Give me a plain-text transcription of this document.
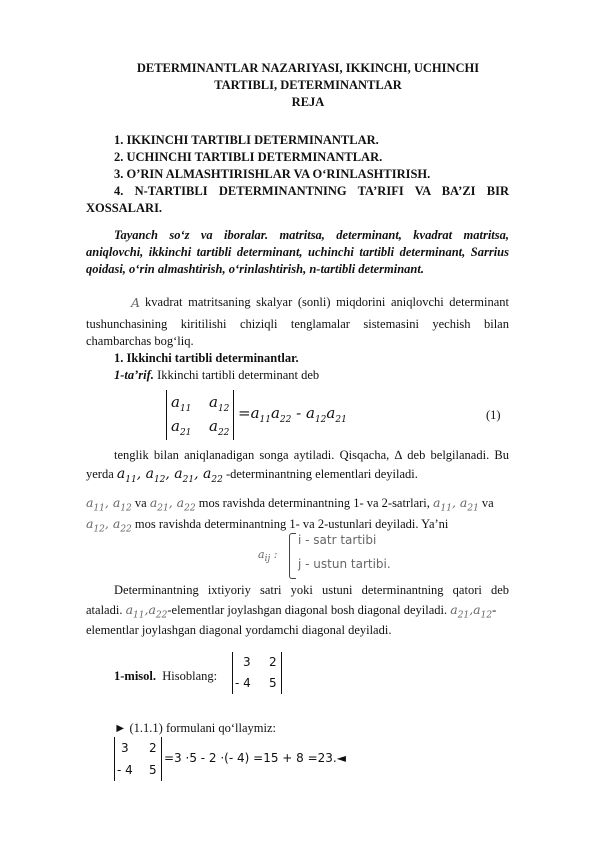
DETERMINANTLAR NAZARIYASI, IKKINCHI, UCHINCHI
TARTIBLI, DETERMINANTLAR
REJA
1. IKKINCHI TARTIBLI DETERMINANTLAR.
2. UCHINCHI TARTIBLI DETERMINANTLAR.
3. O’RIN ALMASHTIRISHLAR VA O‘RINLASHTIRISH.
4. N-TARTIBLI DETERMINANTNING TA’RIFI VA BA’ZI BIR
XOSSALARI.
Tayanch so‘z va iboralar. matritsa, determinant, kvadrat matritsa,
aniqlovchi, ikkinchi tartibli determinant, uchinchi tartibli determinant, Sarrius
qoidasi, o‘rin almashtirish, o‘rinlashtirish, n-tartibli determinant.
A kvadrat matritsaning skalyar (sonli) miqdorini aniqlovchi determinant
tushunchasining kiritilishi chiziqli tenglamalar sistemasini yechish bilan
chambarchas bog‘liq.
1. Ikkinchi tartibli determinantlar.
1-ta’rif. Ikkinchi tartibli determinant deb
$a_{11}$ $a_{12}$
$a_{21}$ $a_{22}$
$=a_{11}a_{22} - a_{12}a_{21}$	(1)
tenglik bilan aniqlanadigan songa aytiladi. Qisqacha, ∆ deb belgilanadi. Bu
yerda $a_{11}$, $a_{12}$, $a_{21}$, $a_{22}$ -determinantning elementlari deyiladi.
$a_{11}$, $a_{12}$ va $a_{21}$, $a_{22}$ mos ravishda determinantning 1- va 2-satrlari, $a_{11}$, $a_{21}$ va
$a_{12}$, $a_{22}$ mos ravishda determinantning 1- va 2-ustunlari deyiladi. Ya’ni
$a_{ij}$ :
i - satr tartibi
j - ustun tartibi.
Determinantning ixtiyoriy satri yoki ustuni determinantning qatori deb
ataladi. $a_{11},a_{22}$-elementlar joylashgan diagonal bosh diagonal deyiladi. $a_{21},a_{12}-$
elementlar joylashgan diagonal yordamchi diagonal deyiladi.
1-misol. Hisoblang:
3 2
- 4 5
► (1.1.1) formulani qo‘llaymiz:
3 2
- 4 5
=3 ·5 - 2 ·(- 4) =15 + 8 =23.◄
